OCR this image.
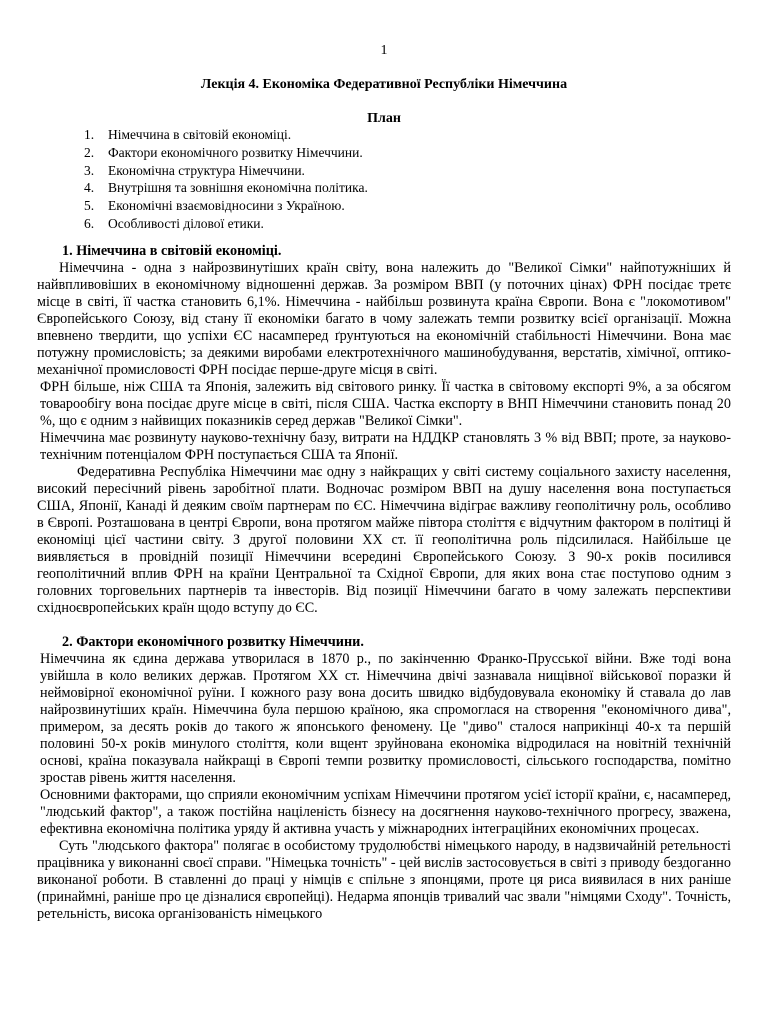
1
Лекція 4. Економіка Федеративної Республіки Німеччина
План
1.	Німеччина в світовій економіці.
2.	Фактори економічного розвитку Німеччини.
3.	Економічна структура Німеччини.
4.	Внутрішня та зовнішня економічна політика.
5.	Економічні взаємовідносини з Україною.
6.	Особливості ділової етики.

1. Німеччина в світовій економіці.

Німеччина - одна з найрозвинутіших країн світу, вона належить до "Великої Сімки" найпотужніших й найвпливовіших в економічному відношенні держав. За розміром ВВП (у поточних цінах) ФРН посідає третє місце в світі, її частка становить 6,1%. Німеччина - найбільш розвинута країна Європи. Вона є "локомотивом" Європейського Союзу, від стану її економіки багато в чому залежать темпи розвитку всієї організації. Можна впевнено твердити, що успіхи ЄС насамперед ґрунтуються на економічній стабільності Німеччини. Вона має потужну промисловість; за деякими виробами електротехнічного машинобудування, верстатів, хімічної, оптико-механічної промисловості ФРН посідає перше-друге місця в світі.

ФРН більше, ніж США та Японія, залежить від світового ринку. Її частка в світовому експорті 9%, а за обсягом товарообігу вона посідає друге місце в світі, після США. Частка експорту в ВНП Німеччини становить понад 20 %, що є одним з найвищих показників серед держав "Великої Сімки".

Німеччина має розвинуту науково-технічну базу, витрати на НДДКР становлять 3 % від ВВП; проте, за науково-технічним потенціалом ФРН поступається США та Японії.

Федеративна Республіка Німеччини має одну з найкращих у світі систему соціального захисту населення, високий пересічний рівень заробітної плати. Водночас розміром ВВП на душу населення вона поступається США, Японії, Канаді й деяким своїм партнерам по ЄС. Німеччина відіграє важливу геополітичну роль, особливо в Європі. Розташована в центрі Європи, вона протягом майже півтора століття є відчутним фактором в політиці й економіці цієї частини світу. З другої половини XX ст. її геополітична роль підсилилася. Найбільше це виявляється в провідній позиції Німеччини всередині Європейського Союзу. З 90-х років посилився геополітичний вплив ФРН на країни Центральної та Східної Європи, для яких вона стає поступово одним з головних торговельних партнерів та інвесторів. Від позиції Німеччини багато в чому залежать перспективи східноєвропейських країн щодо вступу до ЄС.

2. Фактори економічного розвитку Німеччини.

Німеччина як єдина держава утворилася в 1870 р., по закінченню Франко-Прусської війни. Вже тоді вона увійшла в коло великих держав. Протягом XX ст. Німеччина двічі зазнавала нищівної військової поразки й неймовірної економічної руїни. І кожного разу вона досить швидко відбудовувала економіку й ставала до лав найрозвинутіших країн. Німеччина була першою країною, яка спромоглася на створення "економічного дива", примером, за десять років до такого ж японського феномену. Це "диво" сталося наприкінці 40-х та першій половині 50-х років минулого століття, коли вщент зруйнована економіка відродилася на новітній технічній основі, країна показувала найкращі в Європі темпи розвитку промисловості, сільського господарства, помітно зростав рівень життя населення.

Основними факторами, що сприяли економічним успіхам Німеччини протягом усієї історії країни, є, насамперед, "людський фактор", а також постійна націленість бізнесу на досягнення науково-технічного прогресу, зважена, ефективна економічна політика уряду й активна участь у міжнародних інтеграційних економічних процесах.

Суть "людського фактора" полягає в особистому трудолюбстві німецького народу, в надзвичайній ретельності працівника у виконанні своєї справи. "Німецька точність" - цей вислів застосовується в світі з приводу бездоганно виконаної роботи. В ставленні до праці у німців є спільне з японцями, проте ця риса виявилася в них раніше (принаймні, раніше про це дізналися європейці). Недарма японців тривалий час звали "німцями Сходу". Точність, ретельність, висока організованість німецького
